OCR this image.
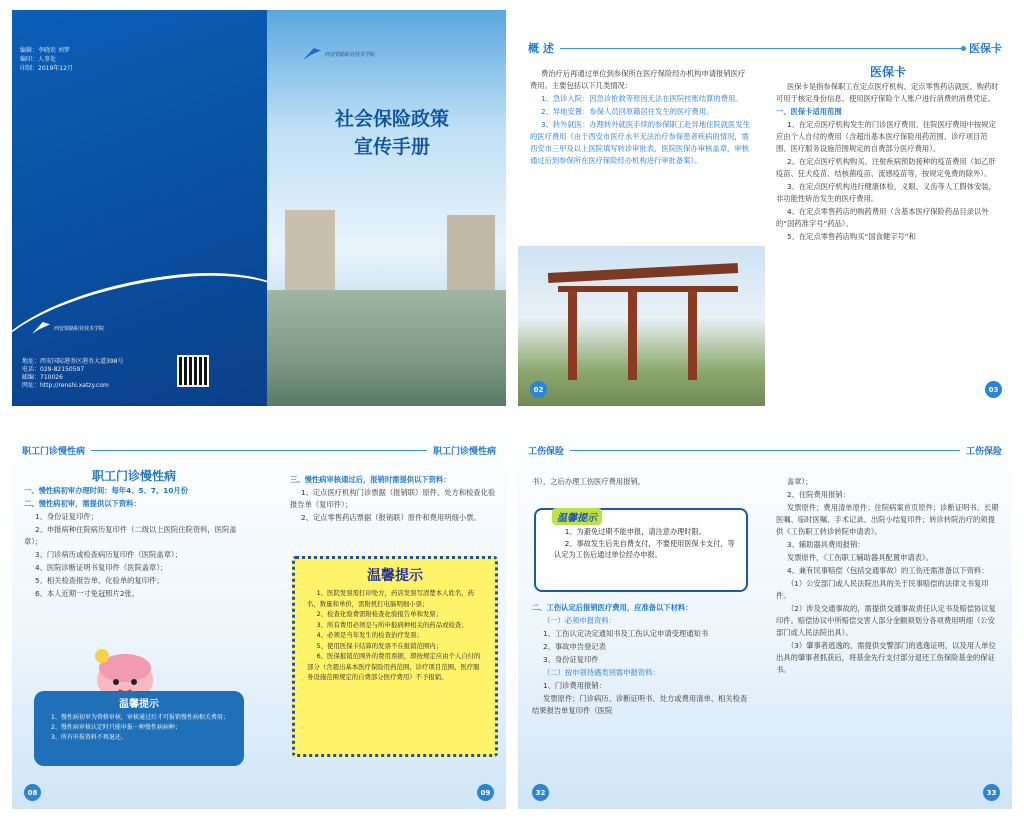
编辑：李晓农 刘梦
编印：人事处
印制：2019年12月
西安铁路职业技术学院
地址：西安国际港务区港务大道398号
电话：029-82150597
邮编：710026
网址：http://renshi.xatzy.com
西安铁路职业技术学院
社会保险政策
宣传手册
概 述	医保卡

费治疗后再通过单位到参保所在医疗保险经办机构申请报销医疗费用。主要包括以下几类情况：

1、急诊入院：因急诊抢救等原因无法在医院挂账结算的费用。

2、异地安置：参保人员回原籍居住发生的医疗费用。

3、转外就医：办理转外就医手续的参保职工赴异地住院就医发生的医疗费用（由于西安市医疗水平无法治疗参保患者疾病的情况，需西安市三甲及以上医院填写转诊审批表，医院医保办审核盖章，审核通过后到参保所在医疗保险经办机构进行审批备案）。

02
医保卡

医保卡是指参保职工在定点医疗机构、定点零售药店就医、购药时可用于核定身份信息、使用医疗保险个人账户进行消费的消费凭证。

一、医保卡适用范围

1、在定点医疗机构发生的门诊医疗费用、住院医疗费用中按规定应由个人自付的费用（含超出基本医疗保险用药范围、诊疗项目范围、医疗服务设施范围规定的自费部分医疗费用）。

2、在定点医疗机构购买、注射疾病预防接种的疫苗费用（如乙肝疫苗、狂犬疫苗、结核菌疫苗、流感疫苗等，按规定免费的除外）。

3、在定点医疗机构进行健康体检，义眼、义齿等人工假体安装，非功能性矫治发生的医疗费用。

4、在定点零售药店的购药费用（含基本医疗保险药品目录以外的“国药准字号”药品）。

5、在定点零售药店购买“国食健字号”和

03
职工门诊慢性病	职工门诊慢性病
职工门诊慢性病

一、慢性病初审办理时间：每年4、5、7、10月份

二、慢性病初审，需提供以下资料：

1、身份证复印件；

2、申报病种住院病历复印件（二级以上医院住院资料，医院盖章）；

3、门诊病历或检查病历复印件（医院盖章）；

4、医院诊断证明书复印件（医院盖章）；

5、相关检查报告单、化验单的复印件；

6、本人近期一寸免冠照片2张。

温馨提示

1、慢性病初审为资格审核，审核通过后才可报销慢性病相关费用；

2、慢性病审核认定时只能申报一种慢性病病种；

3、所有申报资料不再退还。

三、慢性病审核通过后，报销时需提供以下资料：

1、定点医疗机构门诊票据（报销联）原件、处方和检查化验报告单（复印件）；

2、定点零售药店票据（报销联）原件和费用明细小票。

温馨提示

1、医院发票需打印处方，药店发票写清楚本人姓名，药名，数量和单价，需附机打电脑明细小票；

2、检查化验费需附检查化验报告单和发票；

3、所有费用必须是与所申报病种相关的药品或检查；

4、必须是当年发生的检查治疗发票；

5、使用医保卡结算的发票不在报销范围内；

6、医保报销范围外的费用票据，即按规定应由个人自付的部分（含超出基本医疗保险用药范围、诊疗项目范围、医疗服务设施范围规定的自费部分医疗费用）不予报销。

08	09
工伤保险	工伤保险

书），之后办理工伤医疗费用报销。

温馨提示

1、为避免过期不能申报，请注意办理时限。

2、事故发生后先自费支付，不要使用医保卡支付，等认定为工伤后通过单位经办申报。

二、工伤认定后报销医疗费用，应准备以下材料：

（一）必须申报资料：

1、工伤认定决定通知书及工伤认定申请受理通知书

2、事故申告登记表

3、身份证复印件

（二）按申领待遇类别需申报资料：

1、门诊费用报销：

发票原件；门诊病历、诊断证明书、处方或费用清单、相关检查结果报告单复印件（医院

盖章）；

2、住院费用报销：

发票原件；费用清单原件；住院病案首页原件；诊断证明书、长期医嘱、临时医嘱、手术记录、出院小结复印件；转诊转院治疗的须提供《工伤职工转诊转院申请表》。

3、辅助器具费用报销：

发票原件，《工伤职工辅助器具配置申请表》。

4、兼有民事赔偿（包括交通事故）的工伤还需准备以下资料：

（1）公安部门或人民法院出具的关于民事赔偿的法律文书复印件。

（2）涉及交通事故的，需提供交通事故责任认定书及赔偿协议复印件。赔偿协议中所赔偿交害人部分金额须划分各项费用明细（公安部门或人民法院出具）。

（3）肇事者逃逸的，需提供交警部门的逃逸证明，以及用人单位出具的肇事者抓获后，将基金先行支付部分退还工伤保险基金的保证书。

32	33
